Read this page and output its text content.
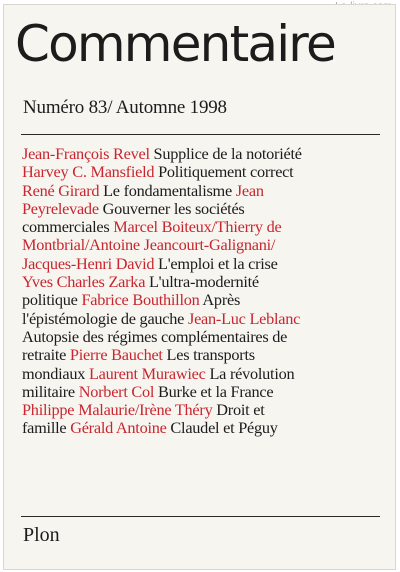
Commentaire
Numéro 83/ Automne 1998
Jean-François Revel Supplice de la notoriété
Harvey C. Mansfield Politiquement correct
René Girard Le fondamentalisme Jean
Peyrelevade Gouverner les sociétés
commerciales Marcel Boiteux/Thierry de
Montbrial/Antoine Jeancourt-Galignani/
Jacques-Henri David L'emploi et la crise
Yves Charles Zarka L'ultra-modernité
politique Fabrice Bouthillon Après
l'épistémologie de gauche Jean-Luc Leblanc
Autopsie des régimes complémentaires de
retraite Pierre Bauchet Les transports
mondiaux Laurent Murawiec La révolution
militaire Norbert Col Burke et la France
Philippe Malaurie/Irène Théry Droit et
famille Gérald Antoine Claudel et Péguy
Plon
